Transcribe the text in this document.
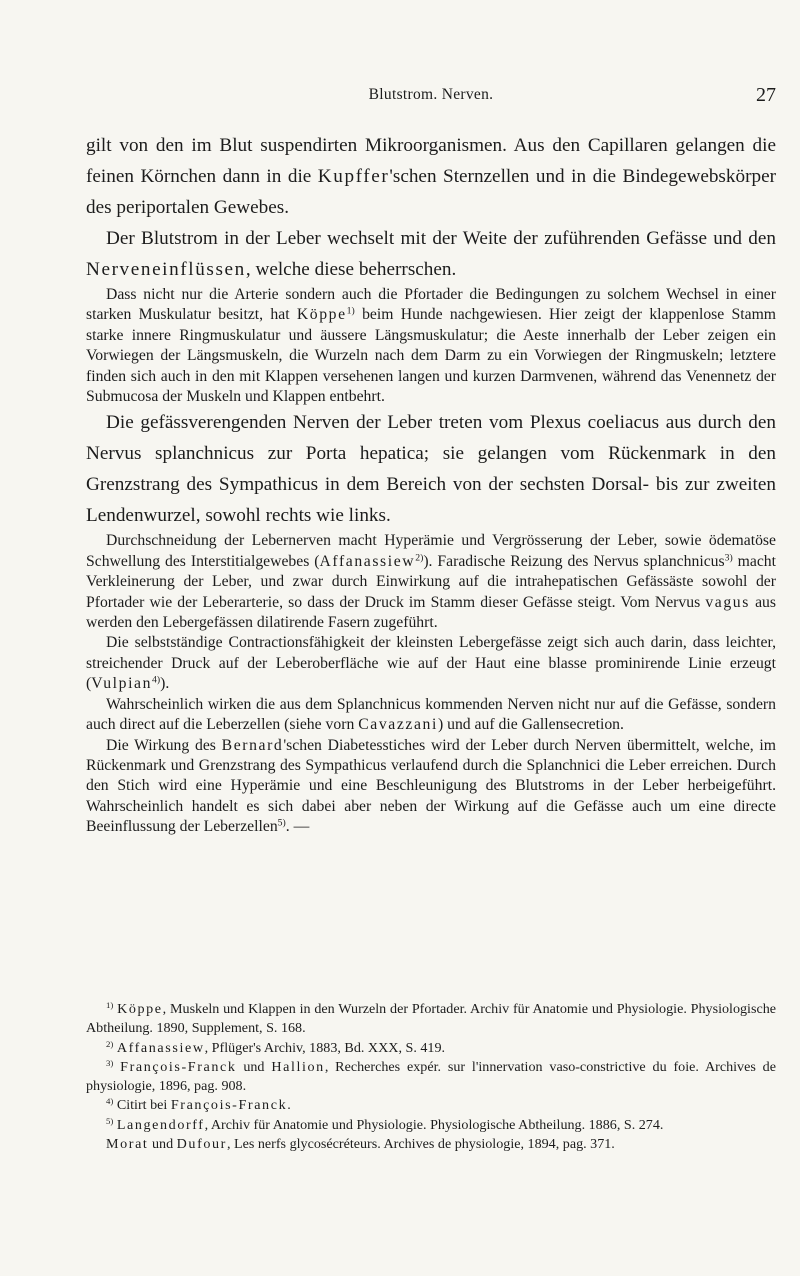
Blutstrom. Nerven.	27

gilt von den im Blut suspendirten Mikroorganismen. Aus den Capillaren gelangen die feinen Körnchen dann in die Kupffer'schen Sternzellen und in die Bindegewebskörper des periportalen Gewebes.

Der Blutstrom in der Leber wechselt mit der Weite der zuführenden Gefässe und den Nerveneinflüssen, welche diese beherrschen.

Dass nicht nur die Arterie sondern auch die Pfortader die Bedingungen zu solchem Wechsel in einer starken Muskulatur besitzt, hat Köppe$^{1)}$ beim Hunde nachgewiesen. Hier zeigt der klappenlose Stamm starke innere Ringmuskulatur und äussere Längsmuskulatur; die Aeste innerhalb der Leber zeigen ein Vorwiegen der Längsmuskeln, die Wurzeln nach dem Darm zu ein Vorwiegen der Ringmuskeln; letztere finden sich auch in den mit Klappen versehenen langen und kurzen Darmvenen, während das Venennetz der Submucosa der Muskeln und Klappen entbehrt.

Die gefässverengenden Nerven der Leber treten vom Plexus coeliacus aus durch den Nervus splanchnicus zur Porta hepatica; sie gelangen vom Rückenmark in den Grenzstrang des Sympathicus in dem Bereich von der sechsten Dorsal- bis zur zweiten Lendenwurzel, sowohl rechts wie links.

Durchschneidung der Lebernerven macht Hyperämie und Vergrösserung der Leber, sowie ödematöse Schwellung des Interstitialgewebes (Affanassiew$^{2)}$). Faradische Reizung des Nervus splanchnicus$^{3)}$ macht Verkleinerung der Leber, und zwar durch Einwirkung auf die intrahepatischen Gefässäste sowohl der Pfortader wie der Leberarterie, so dass der Druck im Stamm dieser Gefässe steigt. Vom Nervus vagus aus werden den Lebergefässen dilatirende Fasern zugeführt.

Die selbstständige Contractionsfähigkeit der kleinsten Lebergefässe zeigt sich auch darin, dass leichter, streichender Druck auf der Leberoberfläche wie auf der Haut eine blasse prominirende Linie erzeugt (Vulpian$^{4)}$).

Wahrscheinlich wirken die aus dem Splanchnicus kommenden Nerven nicht nur auf die Gefässe, sondern auch direct auf die Leberzellen (siehe vorn Cavazzani) und auf die Gallensecretion.

Die Wirkung des Bernard'schen Diabetesstiches wird der Leber durch Nerven übermittelt, welche, im Rückenmark und Grenzstrang des Sympathicus verlaufend durch die Splanchnici die Leber erreichen. Durch den Stich wird eine Hyperämie und eine Beschleunigung des Blutstroms in der Leber herbeigeführt. Wahrscheinlich handelt es sich dabei aber neben der Wirkung auf die Gefässe auch um eine directe Beeinflussung der Leberzellen$^{5)}$. —

$^{1)}$ Köppe, Muskeln und Klappen in den Wurzeln der Pfortader. Archiv für Anatomie und Physiologie. Physiologische Abtheilung. 1890, Supplement, S. 168.

$^{2)}$ Affanassiew, Pflüger's Archiv, 1883, Bd. XXX, S. 419.

$^{3)}$ François-Franck und Hallion, Recherches expér. sur l'innervation vaso-constrictive du foie. Archives de physiologie, 1896, pag. 908.

$^{4)}$ Citirt bei François-Franck.

$^{5)}$ Langendorff, Archiv für Anatomie und Physiologie. Physiologische Abtheilung. 1886, S. 274.

Morat und Dufour, Les nerfs glycosécréteurs. Archives de physiologie, 1894, pag. 371.
